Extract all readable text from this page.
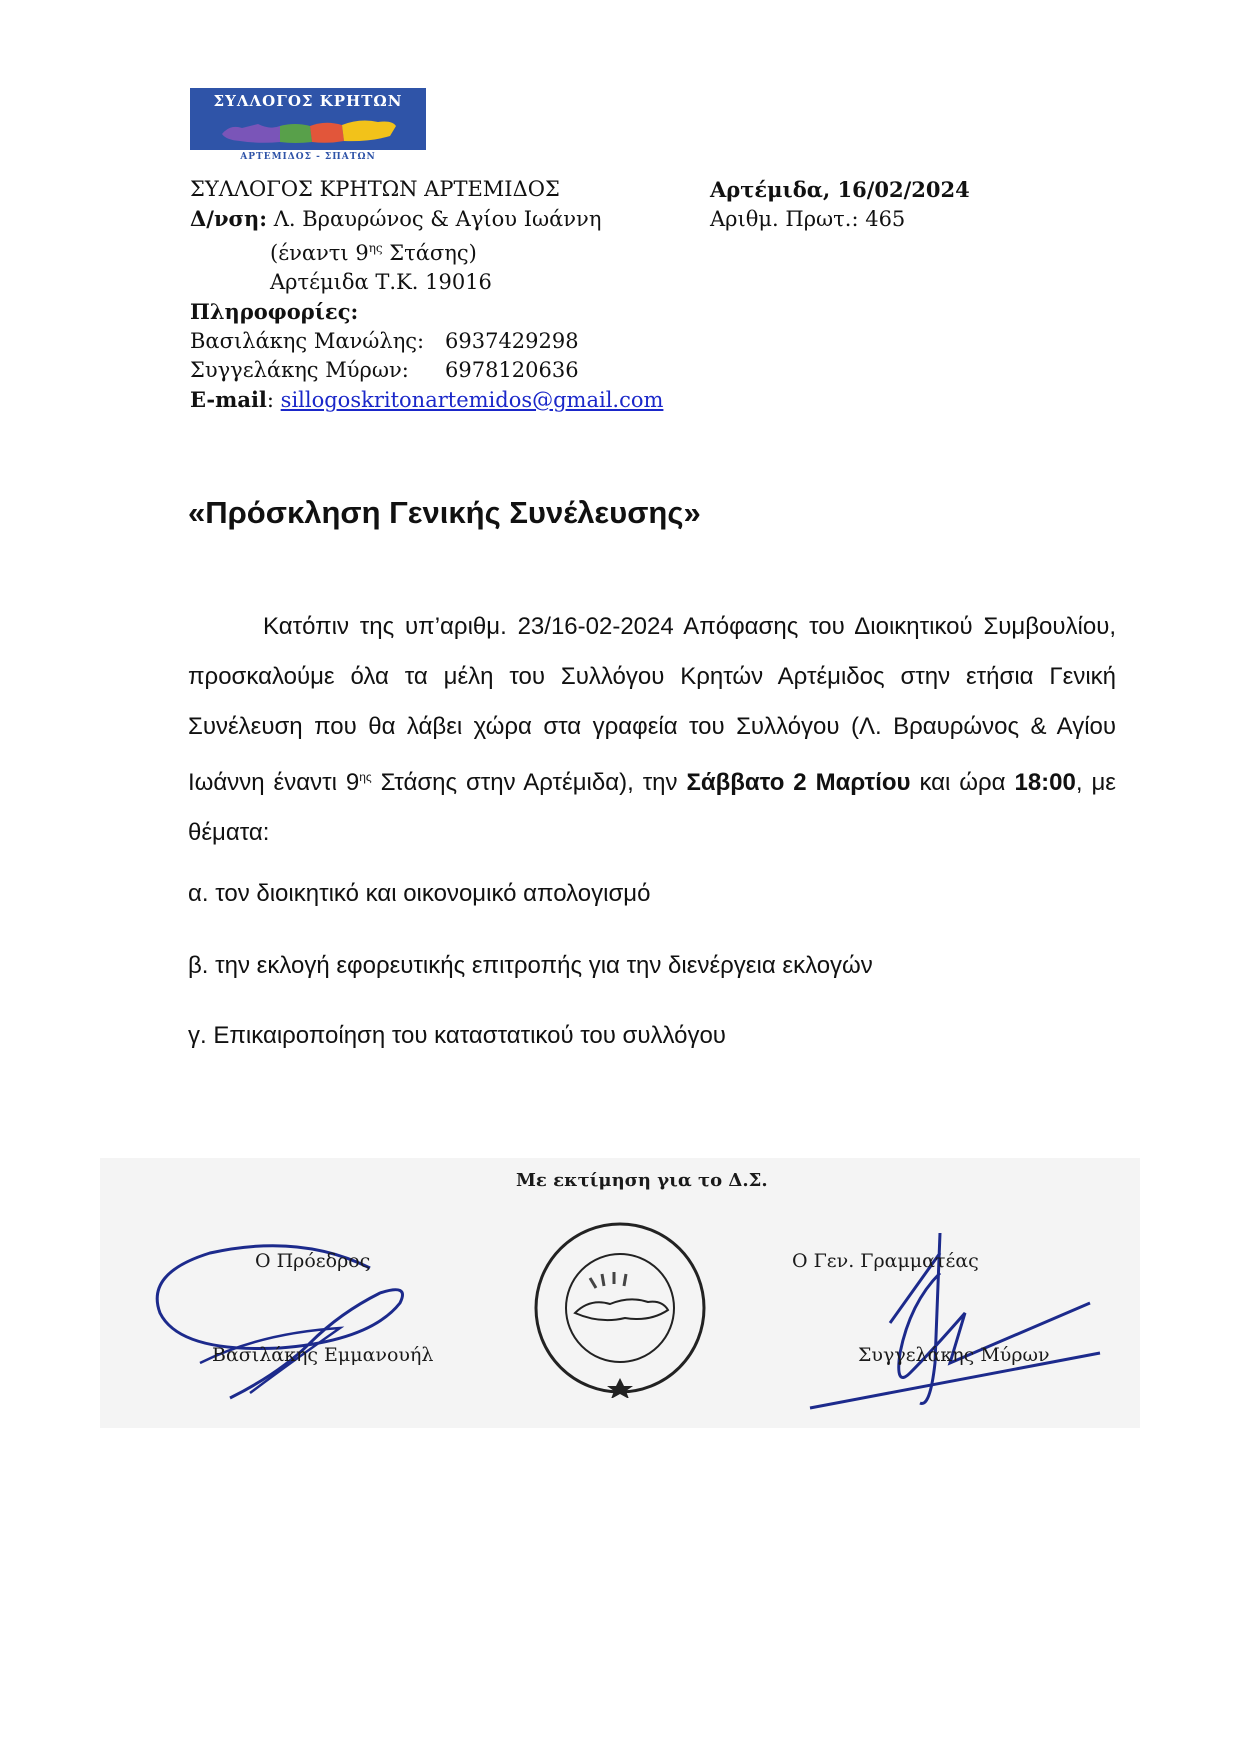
ΣΥΛΛΟΓΟΣ ΚΡΗΤΩΝ
ΑΡΤΕΜΙΔΟΣ - ΣΠΑΤΩΝ
ΣΥΛΛΟΓΟΣ ΚΡΗΤΩΝ ΑΡΤΕΜΙΔΟΣ
Δ/νση: Λ. Βραυρώνος & Αγίου Ιωάννη
(έναντι $9^{\eta\varsigma}$ Στάσης)
Αρτέμιδα Τ.Κ. 19016
Πληροφορίες:
Βασιλάκης Μανώλης: 6937429298
Συγγελάκης Μύρων: 6978120636
E-mail: sillogoskritonartemidos@gmail.com
Αρτέμιδα, 16/02/2024
Αριθμ. Πρωτ.: 465
«Πρόσκληση Γενικής Συνέλευσης»
Κατόπιν της υπ’αριθμ. 23/16-02-2024 Απόφασης του Διοικητικού Συμβουλίου, προσκαλούμε όλα τα μέλη του Συλλόγου Κρητών Αρτέμιδος στην ετήσια Γενική Συνέλευση που θα λάβει χώρα στα γραφεία του Συλλόγου (Λ. Βραυρώνος & Αγίου Ιωάννη έναντι $9^{\eta\varsigma}$ Στάσης στην Αρτέμιδα), την Σάββατο 2 Μαρτίου και ώρα 18:00, με θέματα:
α. τον διοικητικό και οικονομικό απολογισμό
β. την εκλογή εφορευτικής επιτροπής για την διενέργεια εκλογών
γ. Επικαιροποίηση του καταστατικού του συλλόγου
Με εκτίμηση για το Δ.Σ.
Ο Πρόεδρος
Βασιλάκης Εμμανουήλ
Ο Γεν. Γραμματέας
Συγγελάκης Μύρων
